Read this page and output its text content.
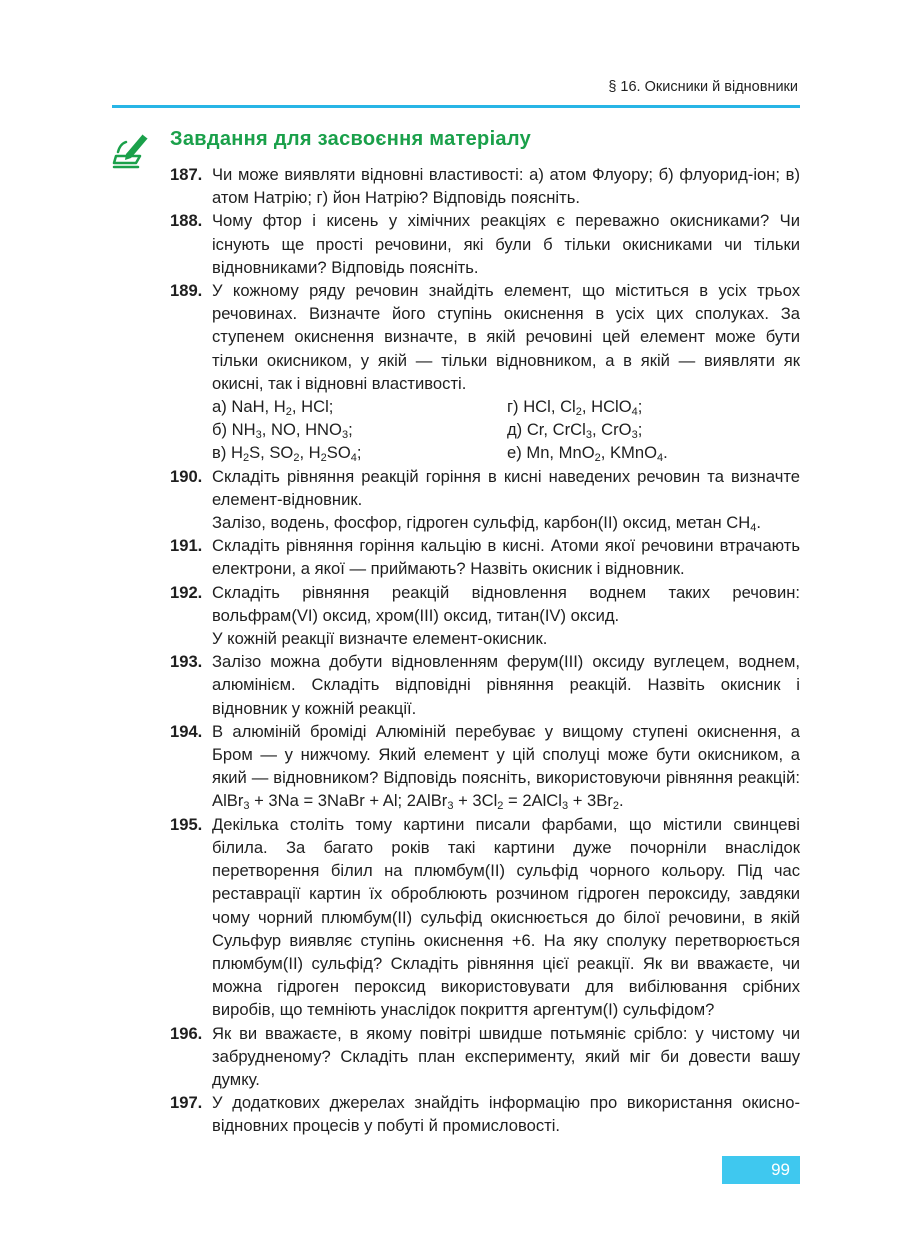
§ 16. Окисники й відновники
Завдання для засвоєння матеріалу
187. Чи може виявляти відновні властивості: а) атом Флуору; б) флуорид-іон; в) атом Натрію; г) йон Натрію? Відповідь поясніть.
188. Чому фтор і кисень у хімічних реакціях є переважно окисниками? Чи існують ще прості речовини, які були б тільки окисниками чи тільки відновниками? Відповідь поясніть.
189. У кожному ряду речовин знайдіть елемент, що міститься в усіх трьох речовинах. Визначте його ступінь окиснення в усіх цих сполуках. За ступенем окиснення визначте, в якій речовині цей елемент може бути тільки окисником, у якій — тільки відновником, а в якій — виявляти як окисні, так і відновні властивості.
а) NaH, $H_2$, HCl;	г) HCl, $Cl_2$, HClO$_4$;
б) $NH_3$, NO, $HNO_3$;	д) Cr, CrCl$_3$, CrO$_3$;
в) $H_2S$, $SO_2$, $H_2SO_4$;	е) Mn, MnO$_2$, KMnO$_4$.
190. Складіть рівняння реакцій горіння в кисні наведених речовин та визначте елемент-відновник.
Залізо, водень, фосфор, гідроген сульфід, карбон(ІІ) оксид, метан $CH_4$.
191. Складіть рівняння горіння кальцію в кисні. Атоми якої речовини втрачають електрони, а якої — приймають? Назвіть окисник і відновник.
192. Складіть рівняння реакцій відновлення воднем таких речовин: вольфрам(VI) оксид, хром(ІІІ) оксид, титан(IV) оксид.
У кожній реакції визначте елемент-окисник.
193. Залізо можна добути відновленням ферум(ІІІ) оксиду вуглецем, воднем, алюмінієм. Складіть відповідні рівняння реакцій. Назвіть окисник і відновник у кожній реакції.
194. В алюміній броміді Алюміній перебуває у вищому ступені окиснення, а Бром — у нижчому. Який елемент у цій сполуці може бути окисником, а який — відновником? Відповідь поясніть, використовуючи рівняння реакцій: AlBr$_3$ + 3Na = 3NaBr + Al; 2AlBr$_3$ + $3Cl_2$ = 2AlCl$_3$ + $3Br_2$.
195. Декілька століть тому картини писали фарбами, що містили свинцеві білила. За багато років такі картини дуже почорніли внаслідок перетворення білил на плюмбум(ІІ) сульфід чорного кольору. Під час реставрації картин їх оброблюють розчином гідроген пероксиду, завдяки чому чорний плюмбум(ІІ) сульфід окиснюється до білої речовини, в якій Сульфур виявляє ступінь окиснення +6. На яку сполуку перетворюється плюмбум(ІІ) сульфід? Складіть рівняння цієї реакції. Як ви вважаєте, чи можна гідроген пероксид використовувати для вибілювання срібних виробів, що темніють унаслідок покриття аргентум(І) сульфідом?
196. Як ви вважаєте, в якому повітрі швидше потьмяніє срібло: у чистому чи забрудненому? Складіть план експерименту, який міг би довести вашу думку.
197. У додаткових джерелах знайдіть інформацію про використання окисно-відновних процесів у побуті й промисловості.
99
